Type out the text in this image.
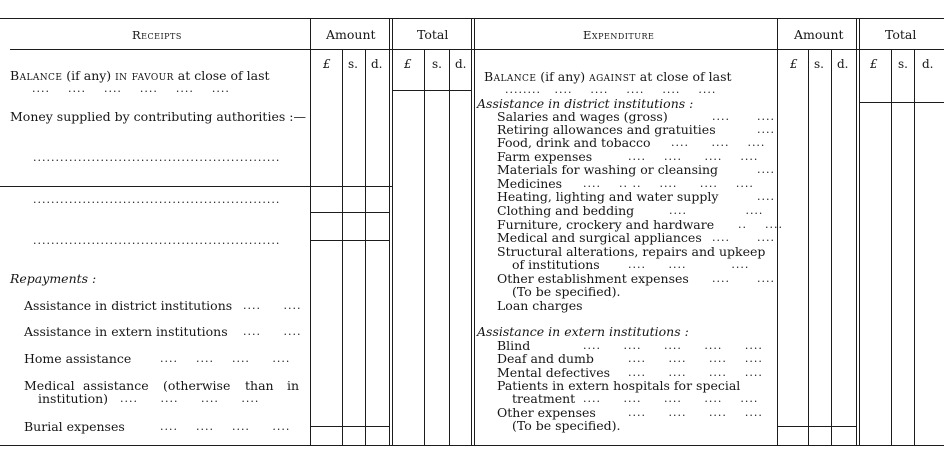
Receipts	Amount	Total	Expenditure	Amount	Total
£ s. d. £ s. d.	£ s. d. £ s. d.
Balance (if any) in favour at close of last
....    ....    ....    ....    ....    ....
Money supplied by contributing authorities :—
.......................................................
.......................................................
.......................................................
Repayments :
Assistance in district institutions ....     ....
Assistance in extern institutions ....     ....
Home assistance	....    ....    ....     ....
Medical assistance (otherwise than in
institution) ....     ....     ....     ....
Burial expenses	....    ....    ....     ....
Balance (if any) against at close of last
........   ....    ....    ....    ....    ....
Assistance in district institutions :
Salaries and wages (gross)	....      ....
Retiring allowances and gratuities	....
Food, drink and tobacco ....     ....    ....
Farm expenses	....    ....     ....    ....
Materials for washing or cleansing	....
Medicines ....    .. ..    ....     ....    ....
Heating, lighting and water supply	....
Clothing and bedding	....             ....
Furniture, crockery and hardware ..    ....
Medical and surgical appliances ....      ....
Structural alterations, repairs and upkeep
of institutions	....     ....          ....
Other establishment expenses ....      ....
(To be specified).
Loan charges
Assistance in extern institutions :
Blind	....     ....     ....     ....     ....
Deaf and dumb	....     ....     ....    ....
Mental defectives ....     ....     ....    ....
Patients in extern hospitals for special
treatment ....     ....     ....     ....    ....
Other expenses	....     ....     ....    ....
(To be specified).
